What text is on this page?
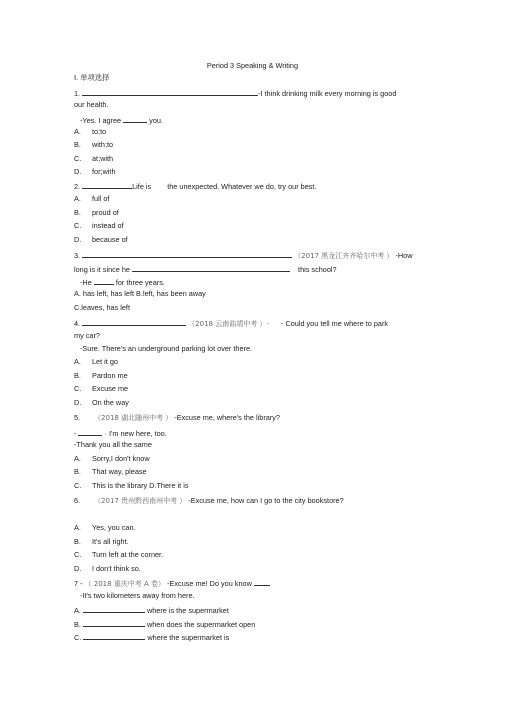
Period 3 Speaking & Writing
Ⅰ. 单项选择
1.	-I think drinking milk every morning is good
our health.
-Yes. I agree	you.
A. to;to
B. with;to
C. at;with
D. for;with
2.	Life is the unexpected. Whatever we do, try our best.
A. full of
B. proud of
C. instead of
D. because of
3.	（2017 黑龙江齐齐哈尔中考 ） -How
long is it since he	this school?
-He	for three years.
A. has left, has left B.left, has been away
C.leaves, has left
4.	（2018 云南曲靖中考 ）- - Could you tell me where to park
my car?
-Sure. There's an underground parking lot over there.
A. Let it go
B. Pardon me
C. Excuse me
D. On the way
5. （2018 湖北随州中考 ） -Excuse me, where's the library?
-	· I'm new here, too.
-Thank you all the same
A. Sorry,I don't know
B. That way, please
C. This is the library D.There it is
6. （2017 贵州黔西南州中考 ） -Excuse me, how can I go to the city bookstore?
A. Yes, you can.
B. It's all right.
C. Turn left at the corner.
D. I don't think so.
7 - （ 2018 重庆中考 A 卷） -Excuse me! Do you know
-It's two kilometers away from here.
A.	where is the supermarket
B.	when does the supermarket open
C.	where the supermarket is
